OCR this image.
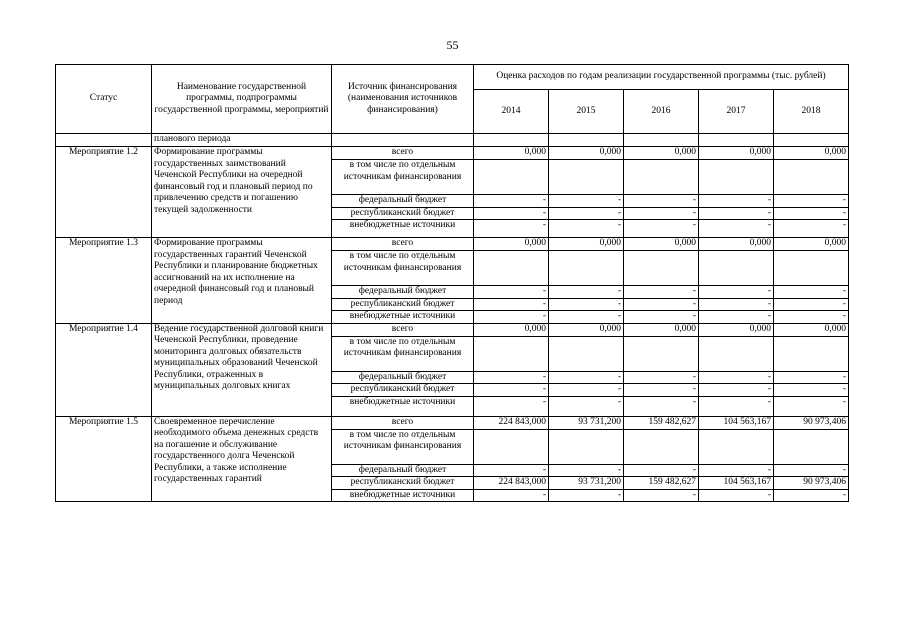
55
Статус	Наименование государственной программы, подпрограммы государственной программы, мероприятий	Источник финансирования (наименования источников финансирования)	Оценка расходов по годам реализации государственной программы (тыс. рублей)				
			2014	2015	2016	2017	2018
	планового периода						
Мероприятие 1.2	Формирование программы государственных заимствований Чеченской Республики на очередной финансовый год и плановый период по привлечению средств и погашению текущей задолженности	всего	0,000	0,000	0,000	0,000	0,000
		в том числе по отдельным источникам финансирования					
		федеральный бюджет	-	-	-	-	-
		республиканский бюджет	-	-	-	-	-
		внебюджетные источники	-	-	-	-	-
Мероприятие 1.3	Формирование программы государственных гарантий Чеченской Республики и планирование бюджетных ассигнований на их исполнение на очередной финансовый год и плановый период	всего	0,000	0,000	0,000	0,000	0,000
		в том числе по отдельным источникам финансирования					
		федеральный бюджет	-	-	-	-	-
		республиканский бюджет	-	-	-	-	-
		внебюджетные источники	-	-	-	-	-
Мероприятие 1.4	Ведение государственной долговой книги Чеченской Республики, проведение мониторинга долговых обязательств муниципальных образований Чеченской Республики, отраженных в муниципальных долговых книгах	всего	0,000	0,000	0,000	0,000	0,000
		в том числе по отдельным источникам финансирования					
		федеральный бюджет	-	-	-	-	-
		республиканский бюджет	-	-	-	-	-
		внебюджетные источники	-	-	-	-	-
Мероприятие 1.5	Своевременное перечисление необходимого объема денежных средств на погашение и обслуживание государственного долга Чеченской Республики, а также исполнение государственных гарантий	всего	224 843,000	93 731,200	159 482,627	104 563,167	90 973,406
		в том числе по отдельным источникам финансирования					
		федеральный бюджет	-	-	-	-	-
		республиканский бюджет	224 843,000	93 731,200	159 482,627	104 563,167	90 973,406
		внебюджетные источники	-	-	-	-	-
